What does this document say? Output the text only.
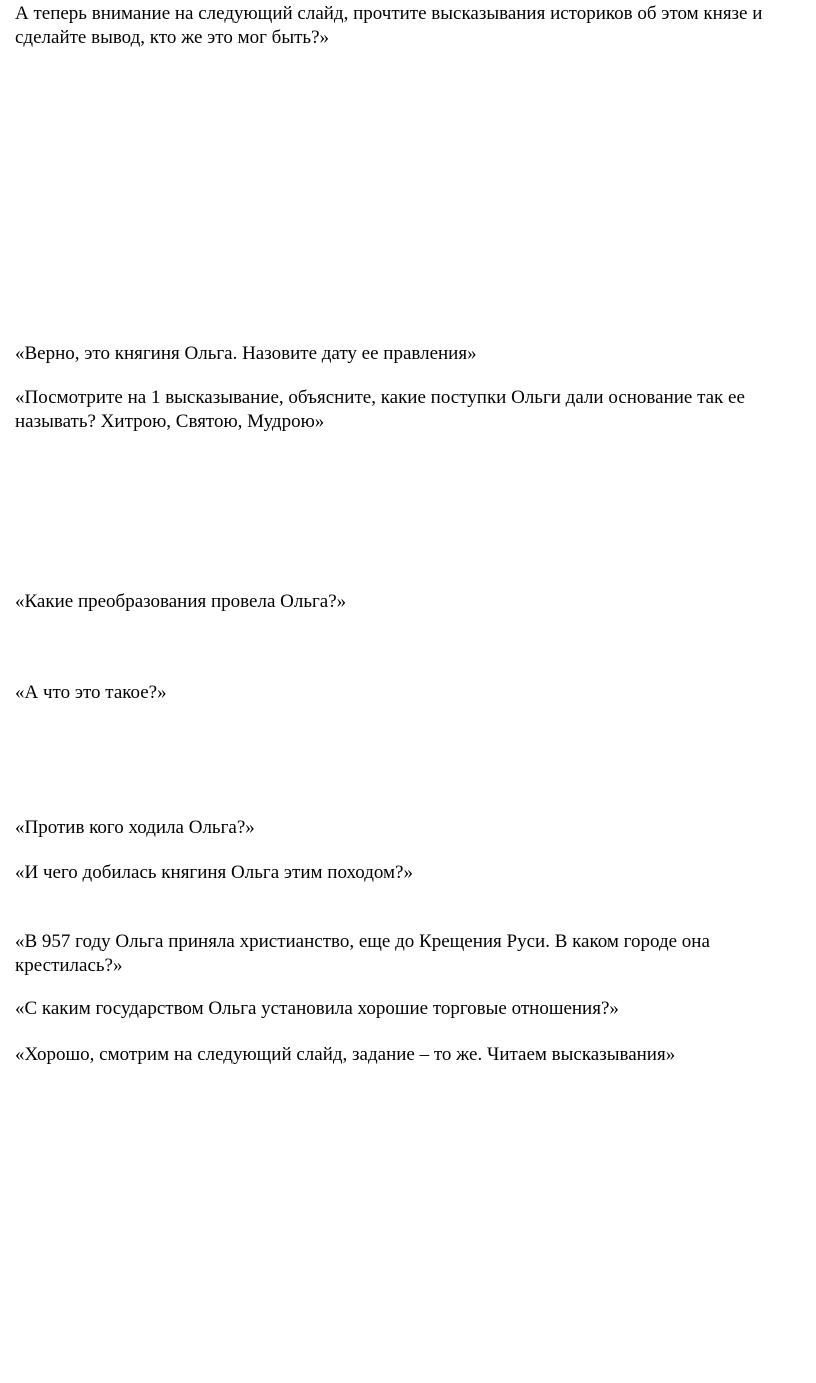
А теперь внимание на следующий слайд, прочтите высказывания историков об этом князе и сделайте вывод, кто же это мог быть?»

«Верно, это княгиня Ольга. Назовите дату ее правления»

«Посмотрите на 1 высказывание, объясните, какие поступки Ольги дали основание так ее называть? Хитрою, Святою, Мудрою»

«Какие преобразования провела Ольга?»

«А что это такое?»

«Против кого ходила Ольга?»

«И чего добилась княгиня Ольга этим походом?»

«В 957 году Ольга приняла христианство, еще до Крещения Руси. В каком городе она крестилась?»

«С каким государством Ольга установила хорошие торговые отношения?»

«Хорошо, смотрим на следующий слайд, задание – то же. Читаем высказывания»
